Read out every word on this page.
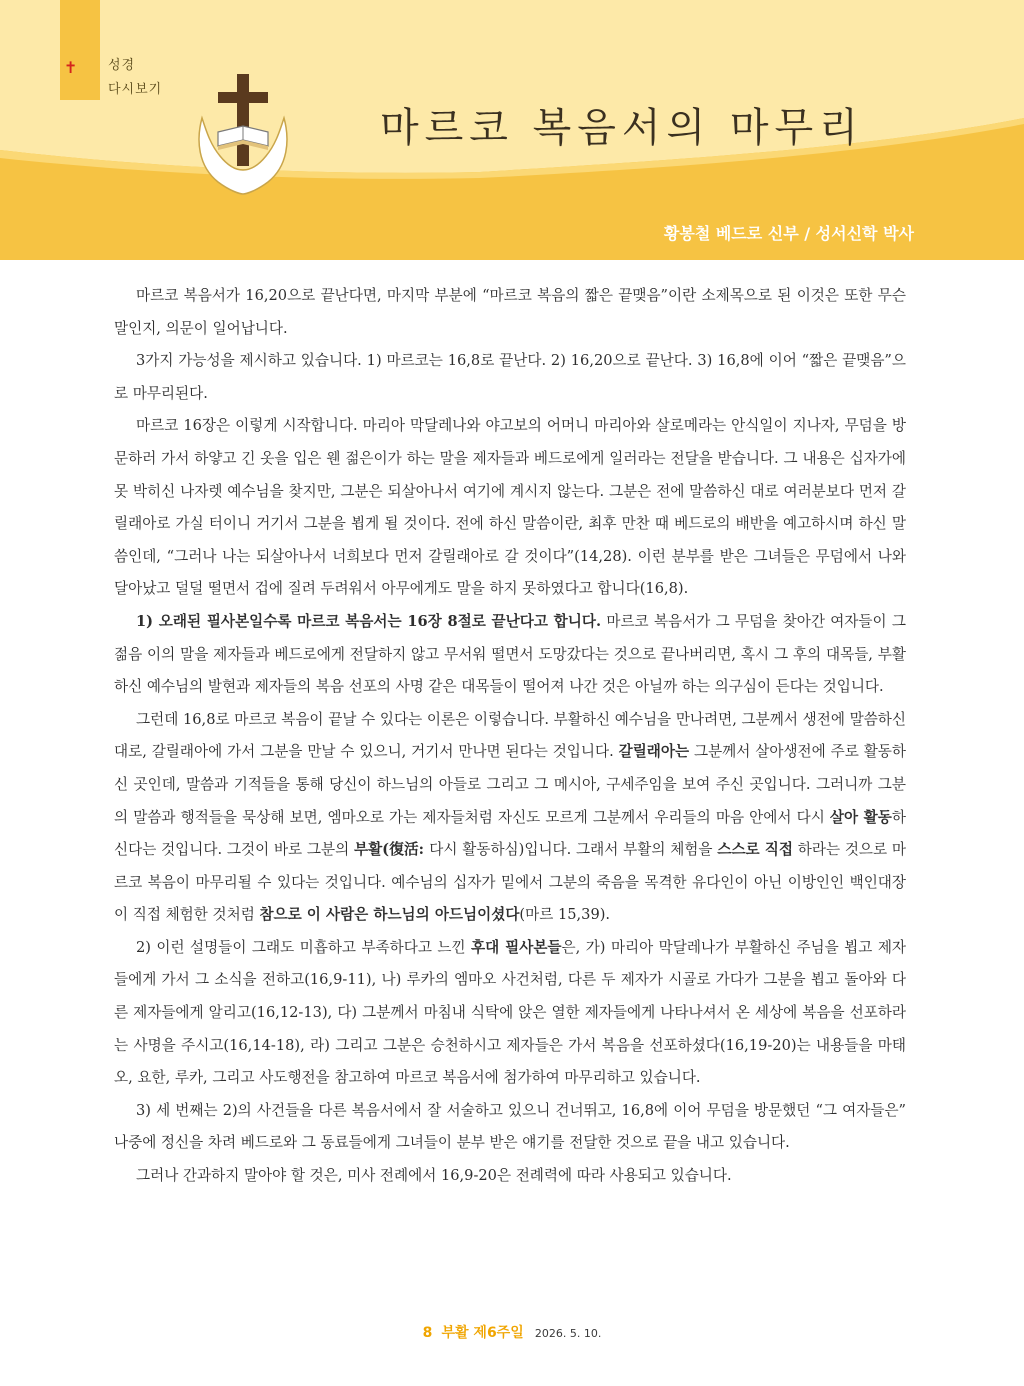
✝ 성경
다시보기
마르코 복음서의 마무리
황봉철 베드로 신부 / 성서신학 박사

마르코 복음서가 16,20으로 끝난다면, 마지막 부분에 “마르코 복음의 짧은 끝맺음”이란 소제목으로 된 이것은 또한 무슨 말인지, 의문이 일어납니다.

3가지 가능성을 제시하고 있습니다. 1) 마르코는 16,8로 끝난다. 2) 16,20으로 끝난다. 3) 16,8에 이어 “짧은 끝맺음”으로 마무리된다.

마르코 16장은 이렇게 시작합니다. 마리아 막달레나와 야고보의 어머니 마리아와 살로메라는 안식일이 지나자, 무덤을 방문하러 가서 하얗고 긴 옷을 입은 웬 젊은이가 하는 말을 제자들과 베드로에게 일러라는 전달을 받습니다. 그 내용은 십자가에 못 박히신 나자렛 예수님을 찾지만, 그분은 되살아나서 여기에 계시지 않는다. 그분은 전에 말씀하신 대로 여러분보다 먼저 갈릴래아로 가실 터이니 거기서 그분을 뵙게 될 것이다. 전에 하신 말씀이란, 최후 만찬 때 베드로의 배반을 예고하시며 하신 말씀인데, “그러나 나는 되살아나서 너희보다 먼저 갈릴래아로 갈 것이다”(14,28). 이런 분부를 받은 그녀들은 무덤에서 나와 달아났고 덜덜 떨면서 겁에 질려 두려워서 아무에게도 말을 하지 못하였다고 합니다(16,8).

1) 오래된 필사본일수록 마르코 복음서는 16장 8절로 끝난다고 합니다. 마르코 복음서가 그 무덤을 찾아간 여자들이 그 젊음 이의 말을 제자들과 베드로에게 전달하지 않고 무서워 떨면서 도망갔다는 것으로 끝나버리면, 혹시 그 후의 대목들, 부활하신 예수님의 발현과 제자들의 복음 선포의 사명 같은 대목들이 떨어져 나간 것은 아닐까 하는 의구심이 든다는 것입니다.

그런데 16,8로 마르코 복음이 끝날 수 있다는 이론은 이렇습니다. 부활하신 예수님을 만나려면, 그분께서 생전에 말씀하신 대로, 갈릴래아에 가서 그분을 만날 수 있으니, 거기서 만나면 된다는 것입니다. 갈릴래아는 그분께서 살아생전에 주로 활동하신 곳인데, 말씀과 기적들을 통해 당신이 하느님의 아들로 그리고 그 메시아, 구세주임을 보여 주신 곳입니다. 그러니까 그분의 말씀과 행적들을 묵상해 보면, 엠마오로 가는 제자들처럼 자신도 모르게 그분께서 우리들의 마음 안에서 다시 살아 활동하신다는 것입니다. 그것이 바로 그분의 부활(復活: 다시 활동하심)입니다. 그래서 부활의 체험을 스스로 직접 하라는 것으로 마르코 복음이 마무리될 수 있다는 것입니다. 예수님의 십자가 밑에서 그분의 죽음을 목격한 유다인이 아닌 이방인인 백인대장이 직접 체험한 것처럼 참으로 이 사람은 하느님의 아드님이셨다(마르 15,39).

2) 이런 설명들이 그래도 미흡하고 부족하다고 느낀 후대 필사본들은, 가) 마리아 막달레나가 부활하신 주님을 뵙고 제자들에게 가서 그 소식을 전하고(16,9-11), 나) 루카의 엠마오 사건처럼, 다른 두 제자가 시골로 가다가 그분을 뵙고 돌아와 다른 제자들에게 알리고(16,12-13), 다) 그분께서 마침내 식탁에 앉은 열한 제자들에게 나타나셔서 온 세상에 복음을 선포하라는 사명을 주시고(16,14-18), 라) 그리고 그분은 승천하시고 제자들은 가서 복음을 선포하셨다(16,19-20)는 내용들을 마태오, 요한, 루카, 그리고 사도행전을 참고하여 마르코 복음서에 첨가하여 마무리하고 있습니다.

3) 세 번째는 2)의 사건들을 다른 복음서에서 잘 서술하고 있으니 건너뛰고, 16,8에 이어 무덤을 방문했던 “그 여자들은” 나중에 정신을 차려 베드로와 그 동료들에게 그녀들이 분부 받은 얘기를 전달한 것으로 끝을 내고 있습니다.

그러나 간과하지 말아야 할 것은, 미사 전례에서 16,9-20은 전례력에 따라 사용되고 있습니다.

8 부활 제6주일 2026. 5. 10.
